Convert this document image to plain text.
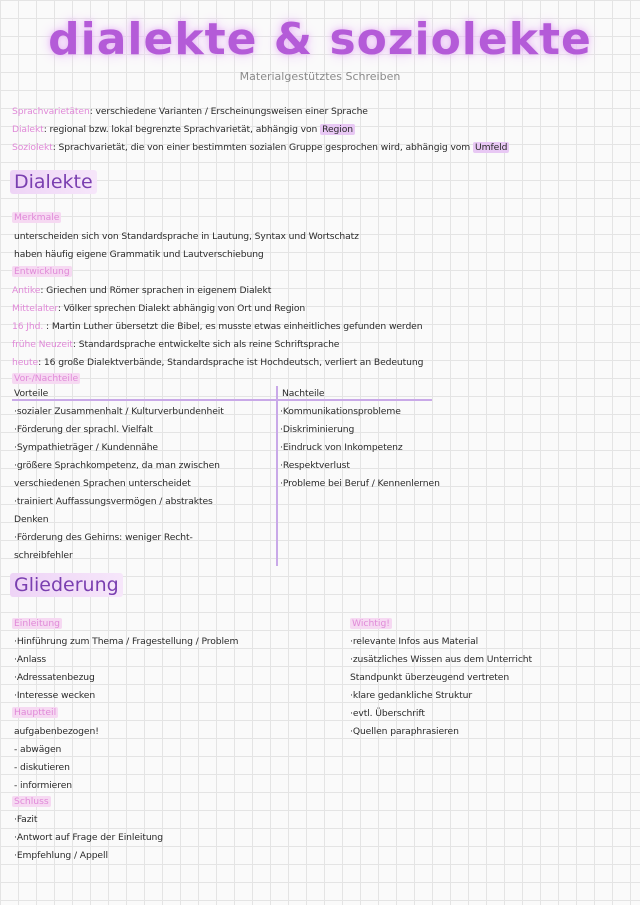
dialekte & soziolekte
Materialgestütztes Schreiben
Sprachvarietäten: verschiedene Varianten / Erscheinungsweisen einer Sprache
Dialekt: regional bzw. lokal begrenzte Sprachvarietät, abhängig von Region
Soziolekt: Sprachvarietät, die von einer bestimmten sozialen Gruppe gesprochen wird, abhängig vom Umfeld
Dialekte
Merkmale
unterscheiden sich von Standardsprache in Lautung, Syntax und Wortschatz
haben häufig eigene Grammatik und Lautverschiebung
Entwicklung
Antike: Griechen und Römer sprachen in eigenem Dialekt
Mittelalter: Völker sprechen Dialekt abhängig von Ort und Region
16 Jhd. : Martin Luther übersetzt die Bibel, es musste etwas einheitliches gefunden werden
frühe Neuzeit: Standardsprache entwickelte sich als reine Schriftsprache
heute: 16 große Dialektverbände, Standardsprache ist Hochdeutsch, verliert an Bedeutung
Vor-/Nachteile
Vorteile	Nachteile
·sozialer Zusammenhalt / Kulturverbundenheit
·Förderung der sprachl. Vielfalt
·Sympathieträger / Kundennähe
·größere Sprachkompetenz, da man zwischen
verschiedenen Sprachen unterscheidet
·trainiert Auffassungsvermögen / abstraktes
Denken
·Förderung des Gehirns: weniger Recht-
schreibfehler
·Kommunikationsprobleme
·Diskriminierung
·Eindruck von Inkompetenz
·Respektverlust
·Probleme bei Beruf / Kennenlernen
Gliederung
Einleitung
·Hinführung zum Thema / Fragestellung / Problem
·Anlass
·Adressatenbezug
·Interesse wecken
Hauptteil
aufgabenbezogen!
- abwägen
- diskutieren
- informieren
Schluss
·Fazit
·Antwort auf Frage der Einleitung
·Empfehlung / Appell
Wichtig!
·relevante Infos aus Material
·zusätzliches Wissen aus dem Unterricht
Standpunkt überzeugend vertreten
·klare gedankliche Struktur
·evtl. Überschrift
·Quellen paraphrasieren
